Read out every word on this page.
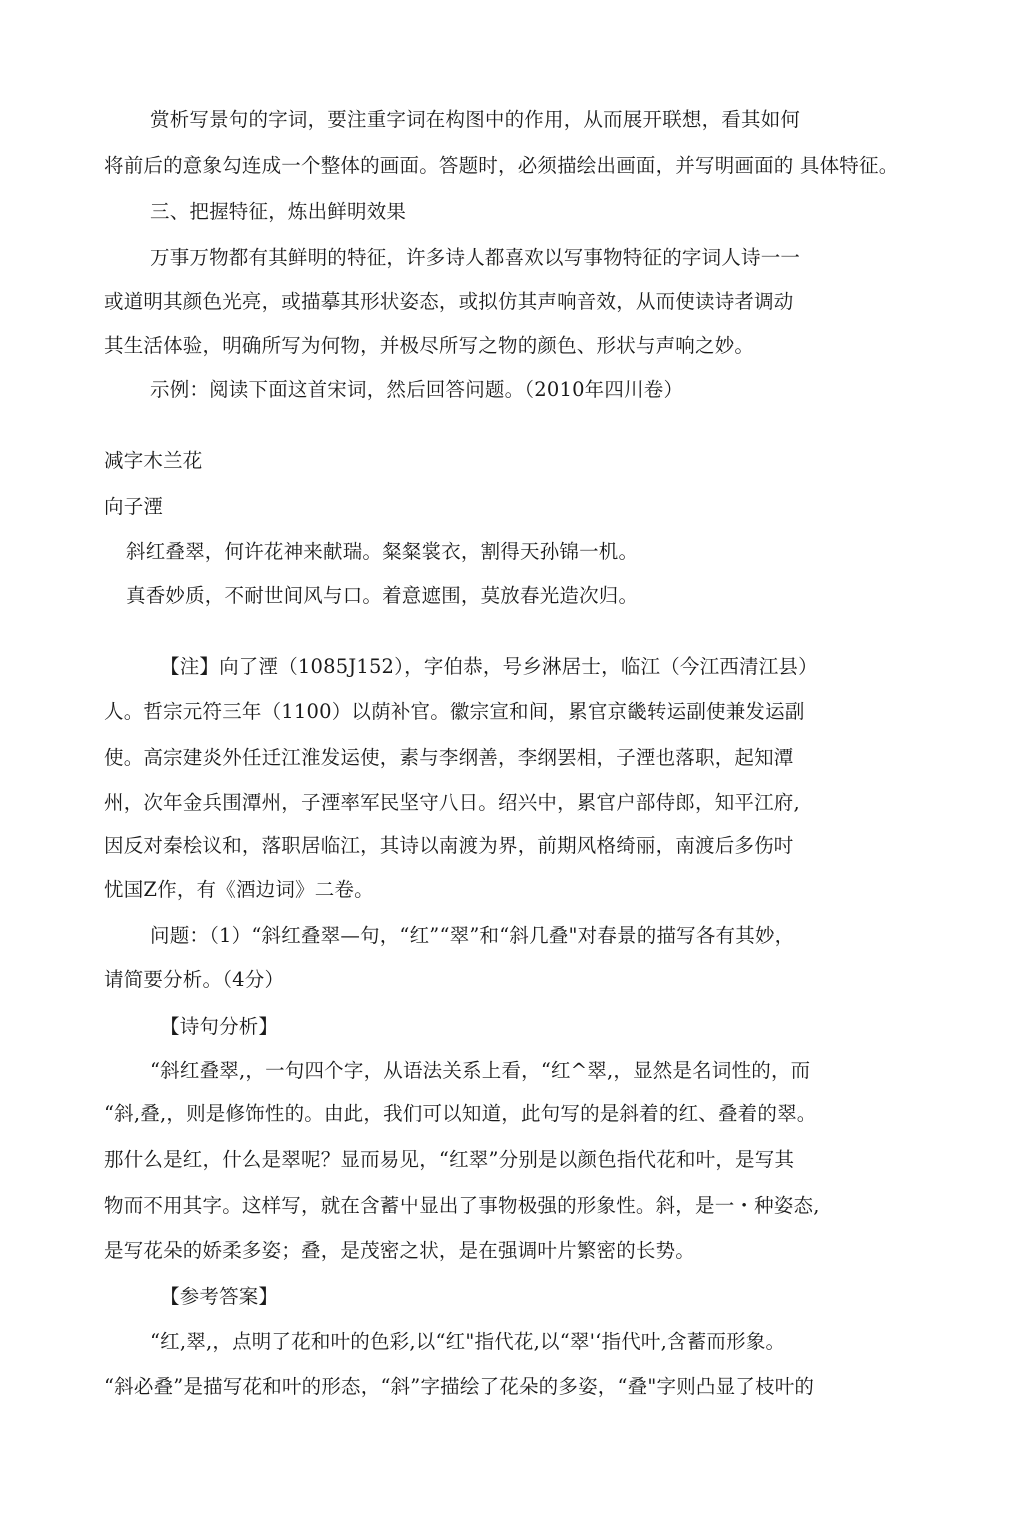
赏析写景句的字词，要注重字词在构图中的作用，从而展开联想，看其如何

将前后的意象勾连成一个整体的画面。答题时，必须描绘出画面，并写明画面的 具体特征。

三、把握特征，炼出鲜明效果

万事万物都有其鲜明的特征，许多诗人都喜欢以写事物特征的字词人诗一一

或道明其颜色光亮，或描摹其形状姿态，或拟仿其声响音效，从而使读诗者调动

其生活体验，明确所写为何物，并极尽所写之物的颜色、形状与声响之妙。

示例：阅读下面这首宋词，然后回答问题。（2010年四川卷）

减字木兰花

向子湮

斜红叠翠，何许花神来献瑞。粲粲裳衣，割得天孙锦一机。

真香妙质，不耐世间风与口。着意遮围，莫放春光造次归。

【注】向了湮（1085J152），字伯恭，号乡淋居士，临江（今江西清江县）

人。哲宗元符三年（1100）以荫补官。徽宗宣和间，累官京畿转运副使兼发运副

使。高宗建炎外任迁江淮发运使，素与李纲善，李纲罢相，子湮也落职，起知潭

州，次年金兵围潭州，子湮率军民坚守八日。绍兴中，累官户部侍郎，知平江府,

因反对秦桧议和，落职居临江，其诗以南渡为界，前期风格绮丽，南渡后多伤吋

忧国Z作，有《酒边词》二卷。

问题：（1）“斜红叠翠—句，“红”“翠”和“斜几叠"对春景的描写各有其妙，

请简要分析。（4分）

【诗句分析】

“斜红叠翠,，一句四个字，从语法关系上看，“红^翠,，显然是名词性的，而

“斜,叠,，则是修饰性的。由此，我们可以知道，此句写的是斜着的红、叠着的翠。

那什么是红，什么是翠呢？显而易见，“红翠”分别是以颜色指代花和叶，是写其

物而不用其字。这样写，就在含蓄屮显出了事物极强的形象性。斜，是一・种姿态,

是写花朵的娇柔多姿；叠，是茂密之状，是在强调叶片繁密的长势。

【参考答案】

“红,翠,，点明了花和叶的色彩,以“红"指代花,以“翠'‘指代叶,含蓄而形象。

“斜必叠”是描写花和叶的形态，“斜”字描绘了花朵的多姿，“叠"字则凸显了枝叶的
